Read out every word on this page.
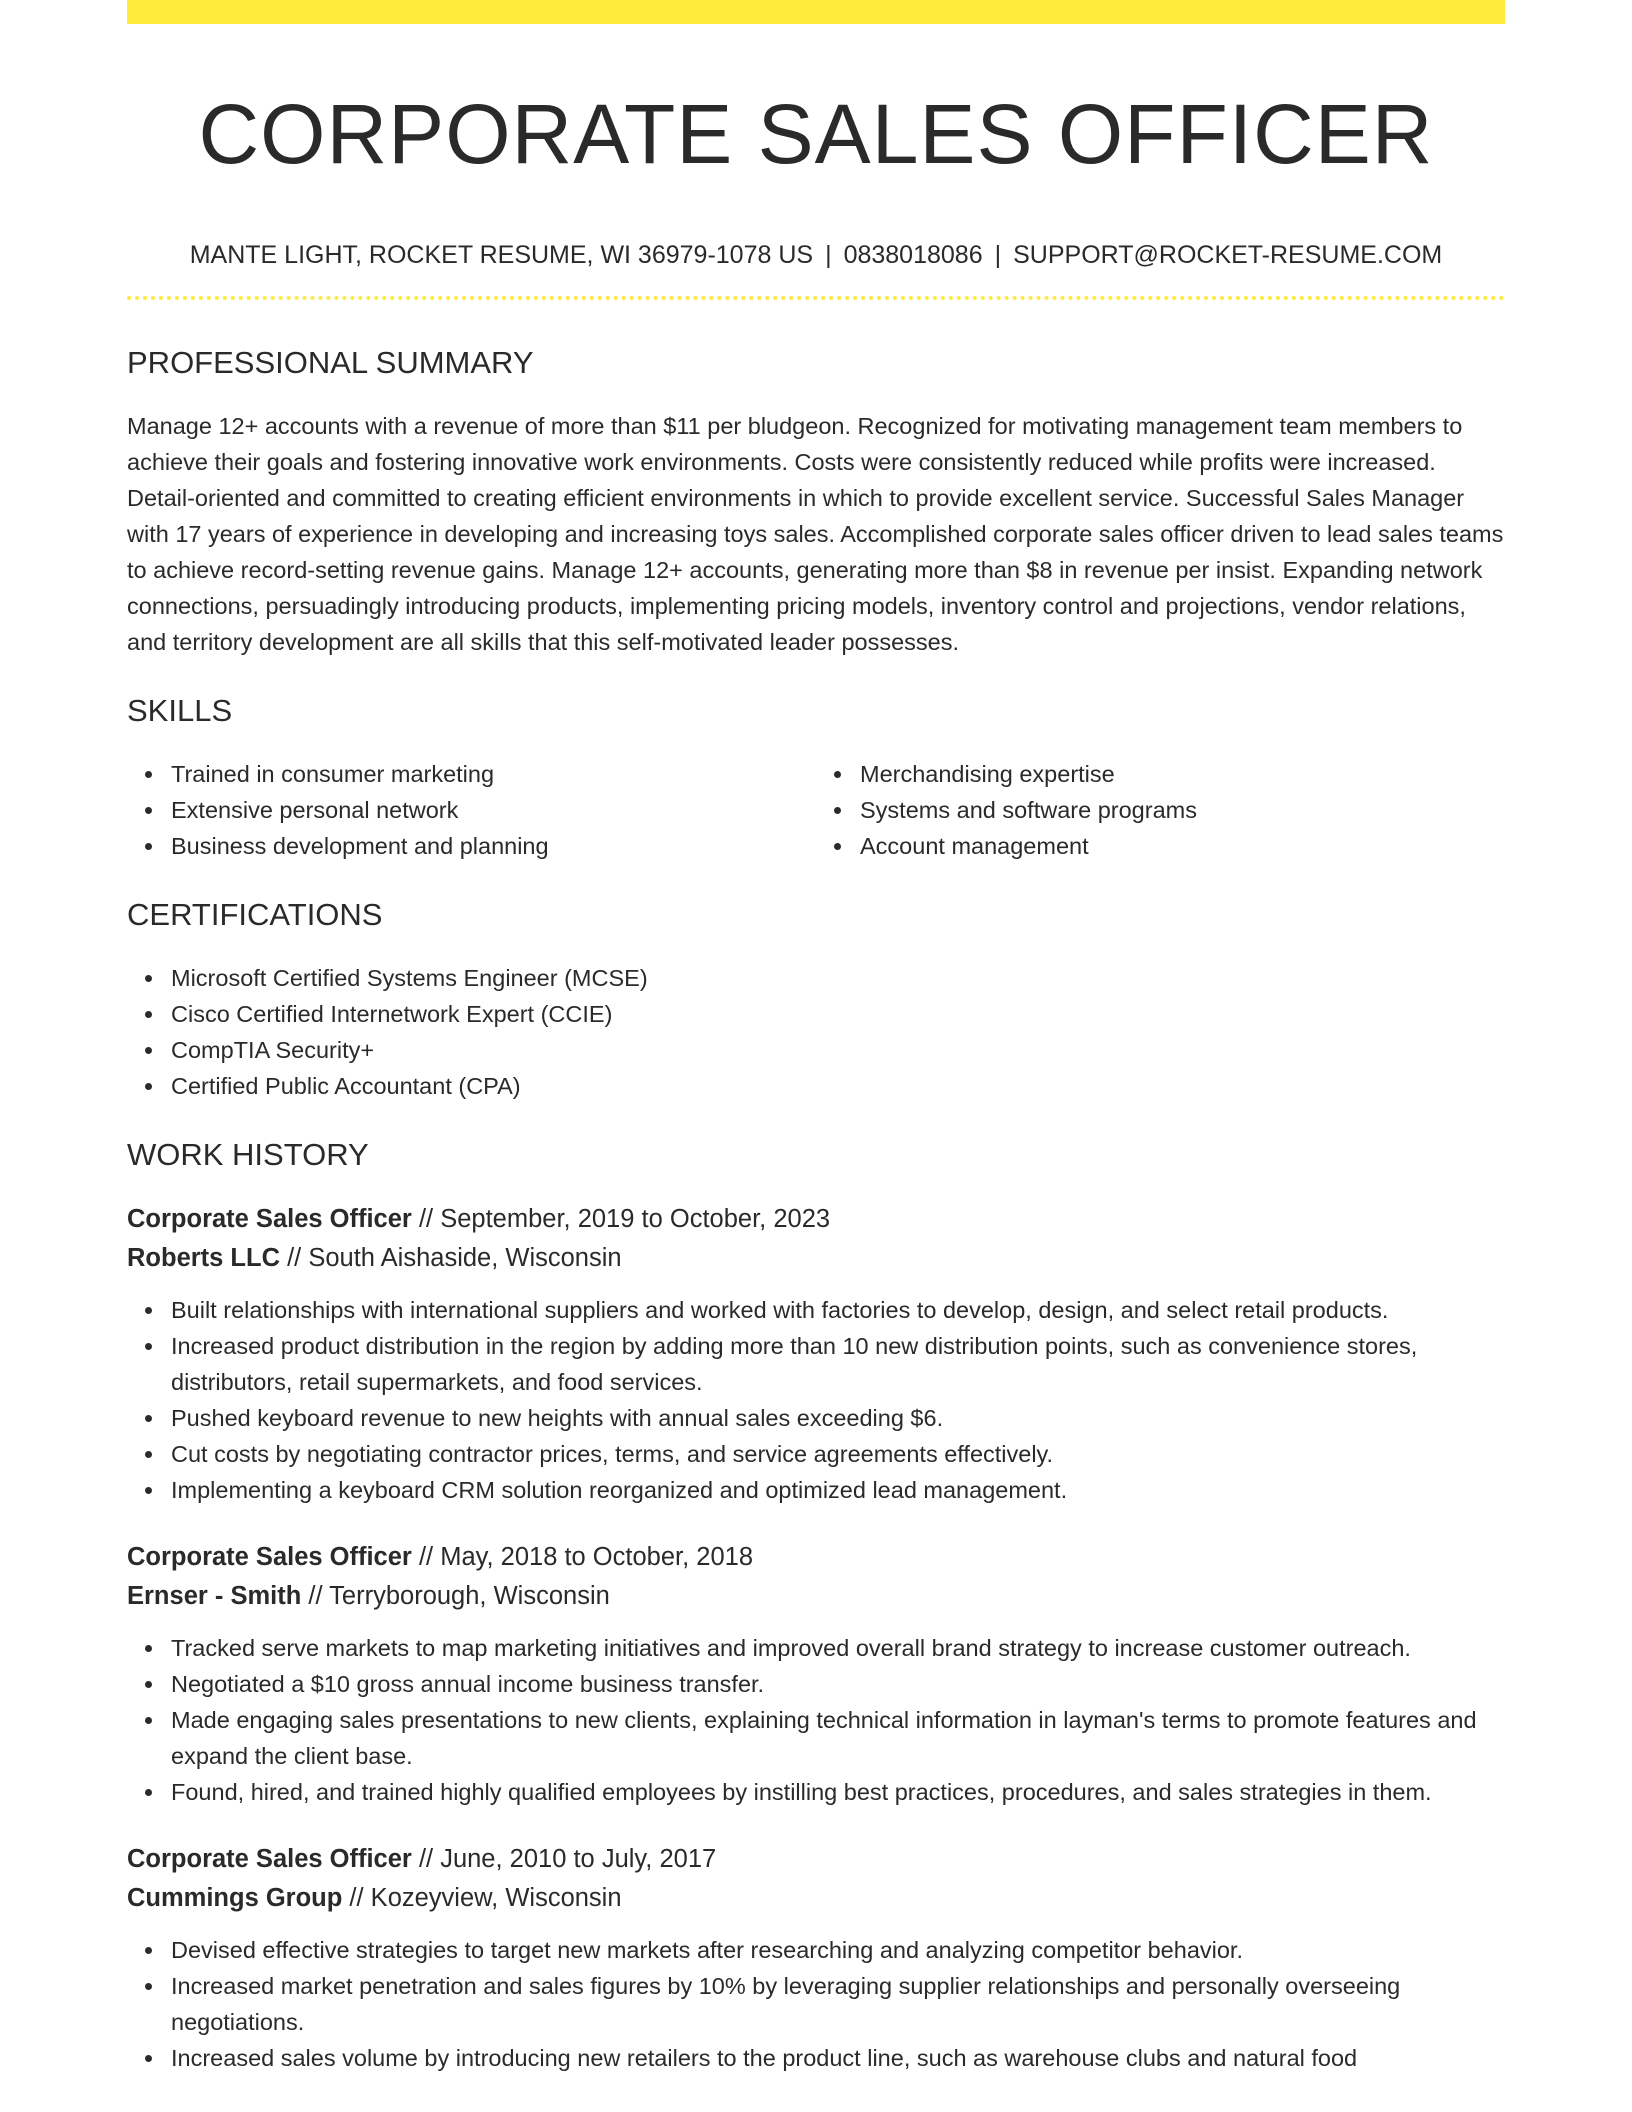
CORPORATE SALES OFFICER
MANTE LIGHT, ROCKET RESUME, WI 36979-1078 US | 0838018086 | SUPPORT@ROCKET-RESUME.COM
PROFESSIONAL SUMMARY

Manage 12+ accounts with a revenue of more than $11 per bludgeon. Recognized for motivating management team members to achieve their goals and fostering innovative work environments. Costs were consistently reduced while profits were increased. Detail-oriented and committed to creating efficient environments in which to provide excellent service. Successful Sales Manager with 17 years of experience in developing and increasing toys sales. Accomplished corporate sales officer driven to lead sales teams to achieve record-setting revenue gains. Manage 12+ accounts, generating more than $8 in revenue per insist. Expanding network connections, persuadingly introducing products, implementing pricing models, inventory control and projections, vendor relations, and territory development are all skills that this self-motivated leader possesses.

SKILLS
Trained in consumer marketing
Extensive personal network
Business development and planning
Merchandising expertise
Systems and software programs
Account management
CERTIFICATIONS
Microsoft Certified Systems Engineer (MCSE)
Cisco Certified Internetwork Expert (CCIE)
CompTIA Security+
Certified Public Accountant (CPA)
WORK HISTORY
Corporate Sales Officer // September, 2019 to October, 2023
Roberts LLC // South Aishaside, Wisconsin
Built relationships with international suppliers and worked with factories to develop, design, and select retail products.
Increased product distribution in the region by adding more than 10 new distribution points, such as convenience stores, distributors, retail supermarkets, and food services.
Pushed keyboard revenue to new heights with annual sales exceeding $6.
Cut costs by negotiating contractor prices, terms, and service agreements effectively.
Implementing a keyboard CRM solution reorganized and optimized lead management.
Corporate Sales Officer // May, 2018 to October, 2018
Ernser - Smith // Terryborough, Wisconsin
Tracked serve markets to map marketing initiatives and improved overall brand strategy to increase customer outreach.
Negotiated a $10 gross annual income business transfer.
Made engaging sales presentations to new clients, explaining technical information in layman's terms to promote features and expand the client base.
Found, hired, and trained highly qualified employees by instilling best practices, procedures, and sales strategies in them.
Corporate Sales Officer // June, 2010 to July, 2017
Cummings Group // Kozeyview, Wisconsin
Devised effective strategies to target new markets after researching and analyzing competitor behavior.
Increased market penetration and sales figures by 10% by leveraging supplier relationships and personally overseeing negotiations.
Increased sales volume by introducing new retailers to the product line, such as warehouse clubs and natural food
